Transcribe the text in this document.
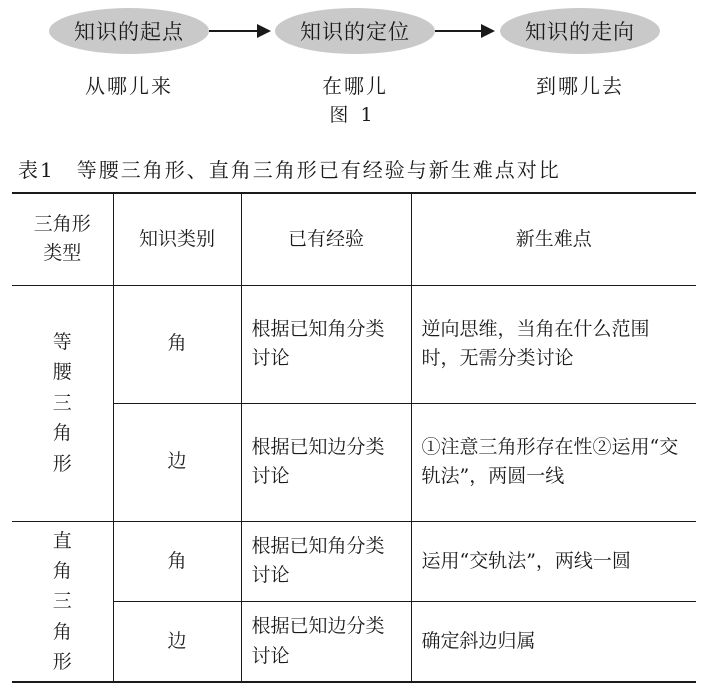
知识的起点	知识的定位	知识的走向
从哪儿来	在哪儿	到哪儿去
图 1
表1　等腰三角形、直角三角形已有经验与新生难点对比
三角形类型	知识类别	已有经验	新生难点

等腰三角形	角	根据已知角分类讨论	逆向思维，当角在什么范围时，无需分类讨论
	边	根据已知边分类讨论	①注意三角形存在性②运用“交轨法”，两圆一线

直角三角形	角	根据已知角分类讨论	运用“交轨法”，两线一圆
	边	根据已知边分类讨论	确定斜边归属
